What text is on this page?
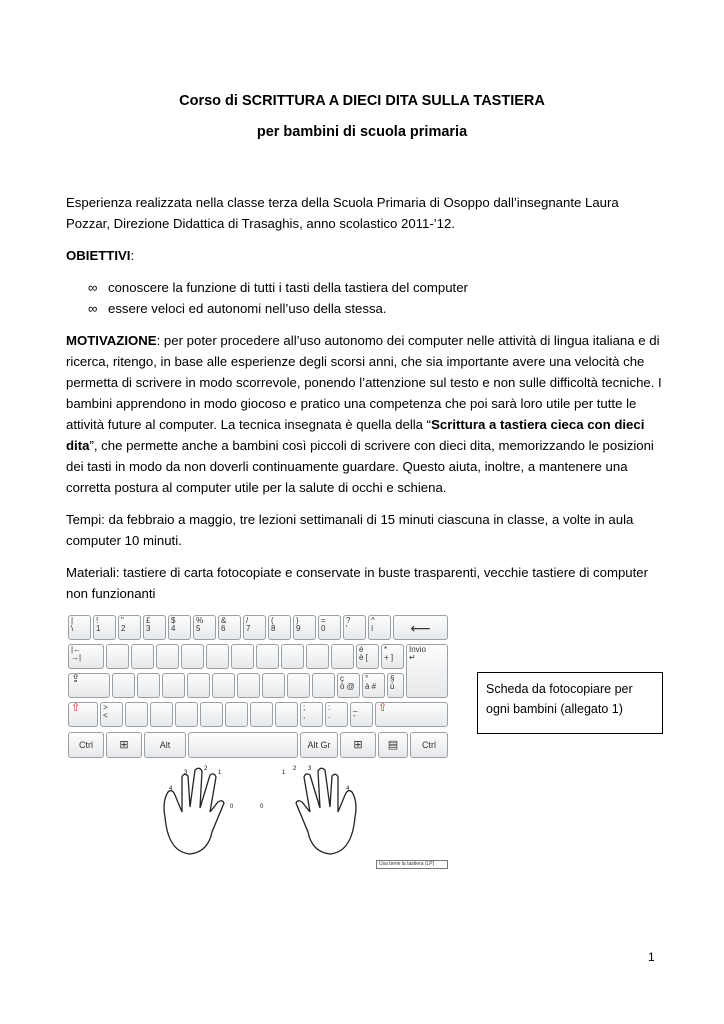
Corso di SCRITTURA A DIECI DITA SULLA TASTIERA
per bambini di scuola primaria

Esperienza realizzata nella classe terza della Scuola Primaria di Osoppo dall’insegnante Laura Pozzar, Direzione Didattica di Trasaghis, anno scolastico 2011-’12.

OBIETTIVI:

∞ conoscere la funzione di tutti i tasti della tastiera del computer
∞ essere veloci ed autonomi nell’uso della stessa.

MOTIVAZIONE: per poter procedere all’uso autonomo dei computer nelle attività di lingua italiana e di ricerca, ritengo, in base alle esperienze degli scorsi anni, che sia importante avere una velocità che permetta di scrivere in modo scorrevole, ponendo l’attenzione sul testo e non sulle difficoltà tecniche. I bambini apprendono in modo giocoso e pratico una competenza che poi sarà loro utile per tutte le attività future al computer. La tecnica insegnata è quella della “Scrittura a tastiera cieca con dieci dita”, che permette anche a bambini così piccoli di scrivere con dieci dita, memorizzando le posizioni dei tasti in modo da non doverli continuamente guardare. Questo aiuta, inoltre, a mantenere una corretta postura al computer utile per la salute di occhi e schiena.

Tempi: da febbraio a maggio, tre lezioni settimanali di 15 minuti ciascuna in classe, a volte in aula computer 10 minuti.

Materiali: tastiere di carta fotocopiate e conservate in buste trasparenti, vecchie tastiere di computer non funzionanti

|
\
!
1
"
2
£
3
$
4
%
5
&
6
/
7
(
8
)
9
=
0
?
'
^
ì	⟵
|←
→|
é
è [
*
+ ]
Invio
↵
⇪	ç
ò @
°
à #
§
ù
⇧	>
<
;
,
:
.
_
-
⇧
Ctrl	⊞	Alt	Alt Gr	⊞	▤	Ctrl
Scheda da fotocopiare per ogni bambini (allegato 1)
3
2
1
4
0
2 3
1
4
0
Usa bene la tastiera (LP)
1
